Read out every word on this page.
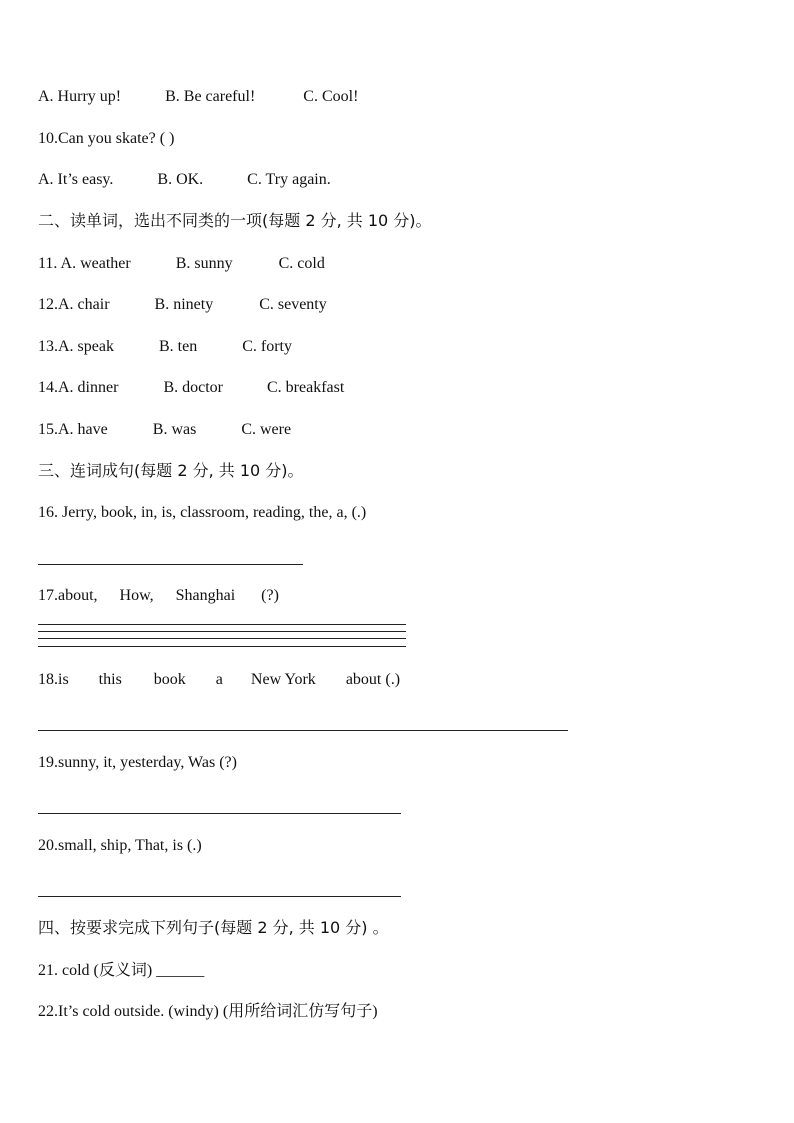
A. Hurry up!	B. Be careful!	C. Cool!
10.Can you skate? ( )
A. It’s easy.	B. OK.	C. Try again.
二、读单词，选出不同类的一项(每题 2 分, 共 10 分)。
11. A. weather	B. sunny	C. cold
12.A. chair	B. ninety	C. seventy
13.A. speak	B. ten	C. forty
14.A. dinner	B. doctor	C. breakfast
15.A. have	B. was	C. were
三、连词成句(每题 2 分, 共 10 分)。
16. Jerry, book, in, is, classroom, reading, the, a, (.)
17.about, How, Shanghai (?)
18.is this book a New York about (.)
19.sunny, it, yesterday, Was (?)
20.small, ship, That, is (.)
四、按要求完成下列句子(每题 2 分, 共 10 分) 。
21. cold (反义词) ______
22.It’s cold outside. (windy) (用所给词汇仿写句子)
